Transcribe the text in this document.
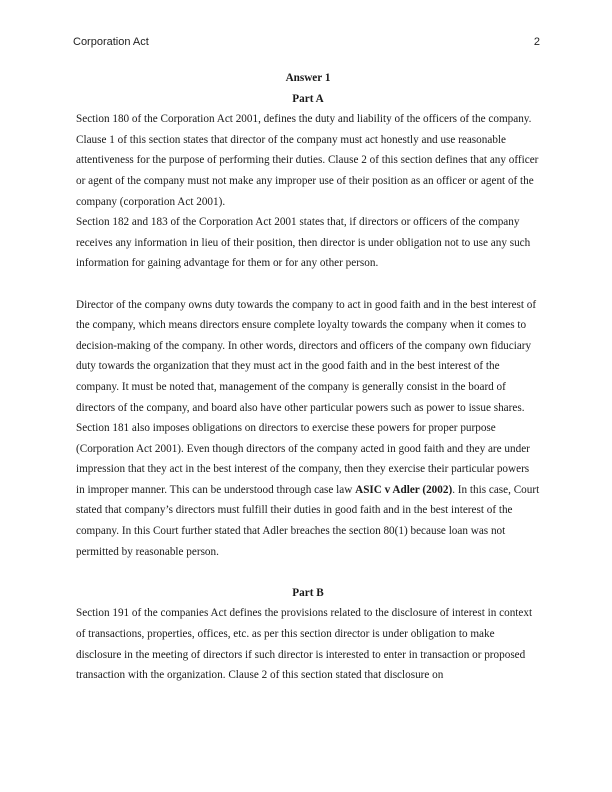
Corporation Act	2

Answer 1

Part A

Section 180 of the Corporation Act 2001, defines the duty and liability of the officers of the company. Clause 1 of this section states that director of the company must act honestly and use reasonable attentiveness for the purpose of performing their duties. Clause 2 of this section defines that any officer or agent of the company must not make any improper use of their position as an officer or agent of the company (corporation Act 2001).

Section 182 and 183 of the Corporation Act 2001 states that, if directors or officers of the company receives any information in lieu of their position, then director is under obligation not to use any such information for gaining advantage for them or for any other person.

Director of the company owns duty towards the company to act in good faith and in the best interest of the company, which means directors ensure complete loyalty towards the company when it comes to decision-making of the company. In other words, directors and officers of the company own fiduciary duty towards the organization that they must act in the good faith and in the best interest of the company. It must be noted that, management of the company is generally consist in the board of directors of the company, and board also have other particular powers such as power to issue shares. Section 181 also imposes obligations on directors to exercise these powers for proper purpose (Corporation Act 2001). Even though directors of the company acted in good faith and they are under impression that they act in the best interest of the company, then they exercise their particular powers in improper manner. This can be understood through case law ASIC v Adler (2002). In this case, Court stated that company’s directors must fulfill their duties in good faith and in the best interest of the company. In this Court further stated that Adler breaches the section 80(1) because loan was not permitted by reasonable person.

Part B

Section 191 of the companies Act defines the provisions related to the disclosure of interest in context of transactions, properties, offices, etc. as per this section director is under obligation to make disclosure in the meeting of directors if such director is interested to enter in transaction or proposed transaction with the organization. Clause 2 of this section stated that disclosure on
